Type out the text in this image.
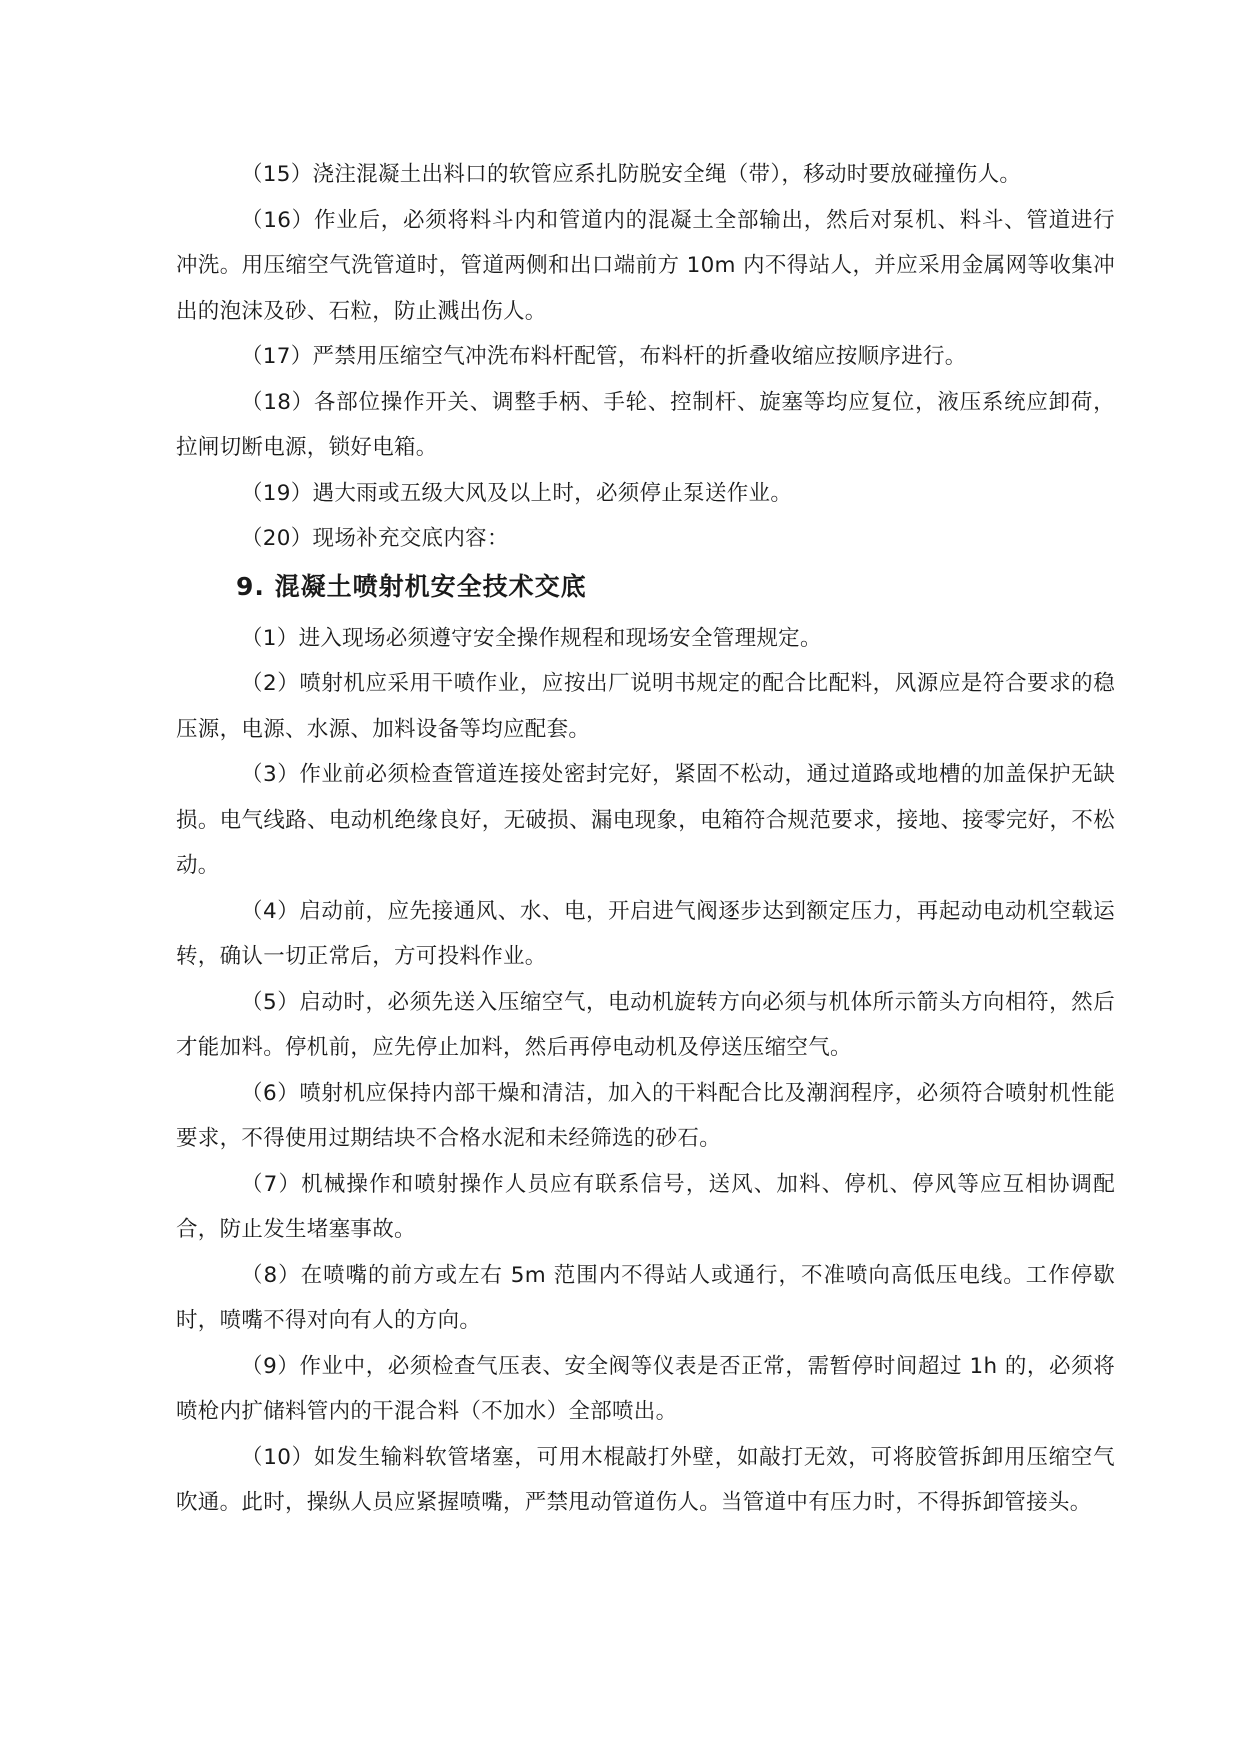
（15）浇注混凝土出料口的软管应系扎防脱安全绳（带），移动时要放碰撞伤人。

（16）作业后，必须将料斗内和管道内的混凝土全部输出，然后对泵机、料斗、管道进行冲洗。用压缩空气洗管道时，管道两侧和出口端前方 10m 内不得站人，并应采用金属网等收集冲出的泡沫及砂、石粒，防止溅出伤人。

（17）严禁用压缩空气冲洗布料杆配管，布料杆的折叠收缩应按顺序进行。

（18）各部位操作开关、调整手柄、手轮、控制杆、旋塞等均应复位，液压系统应卸荷，拉闸切断电源，锁好电箱。

（19）遇大雨或五级大风及以上时，必须停止泵送作业。

（20）现场补充交底内容：

9. 混凝土喷射机安全技术交底

（1）进入现场必须遵守安全操作规程和现场安全管理规定。

（2）喷射机应采用干喷作业，应按出厂说明书规定的配合比配料，风源应是符合要求的稳压源，电源、水源、加料设备等均应配套。

（3）作业前必须检查管道连接处密封完好，紧固不松动，通过道路或地槽的加盖保护无缺损。电气线路、电动机绝缘良好，无破损、漏电现象，电箱符合规范要求，接地、接零完好，不松动。

（4）启动前，应先接通风、水、电，开启进气阀逐步达到额定压力，再起动电动机空载运转，确认一切正常后，方可投料作业。

（5）启动时，必须先送入压缩空气，电动机旋转方向必须与机体所示箭头方向相符，然后才能加料。停机前，应先停止加料，然后再停电动机及停送压缩空气。

（6）喷射机应保持内部干燥和清洁，加入的干料配合比及潮润程序，必须符合喷射机性能要求，不得使用过期结块不合格水泥和未经筛选的砂石。

（7）机械操作和喷射操作人员应有联系信号，送风、加料、停机、停风等应互相协调配合，防止发生堵塞事故。

（8）在喷嘴的前方或左右 5m 范围内不得站人或通行，不准喷向高低压电线。工作停歇时，喷嘴不得对向有人的方向。

（9）作业中，必须检查气压表、安全阀等仪表是否正常，需暂停时间超过 1h 的，必须将喷枪内扩储料管内的干混合料（不加水）全部喷出。

（10）如发生输料软管堵塞，可用木棍敲打外壁，如敲打无效，可将胶管拆卸用压缩空气吹通。此时，操纵人员应紧握喷嘴，严禁甩动管道伤人。当管道中有压力时，不得拆卸管接头。
